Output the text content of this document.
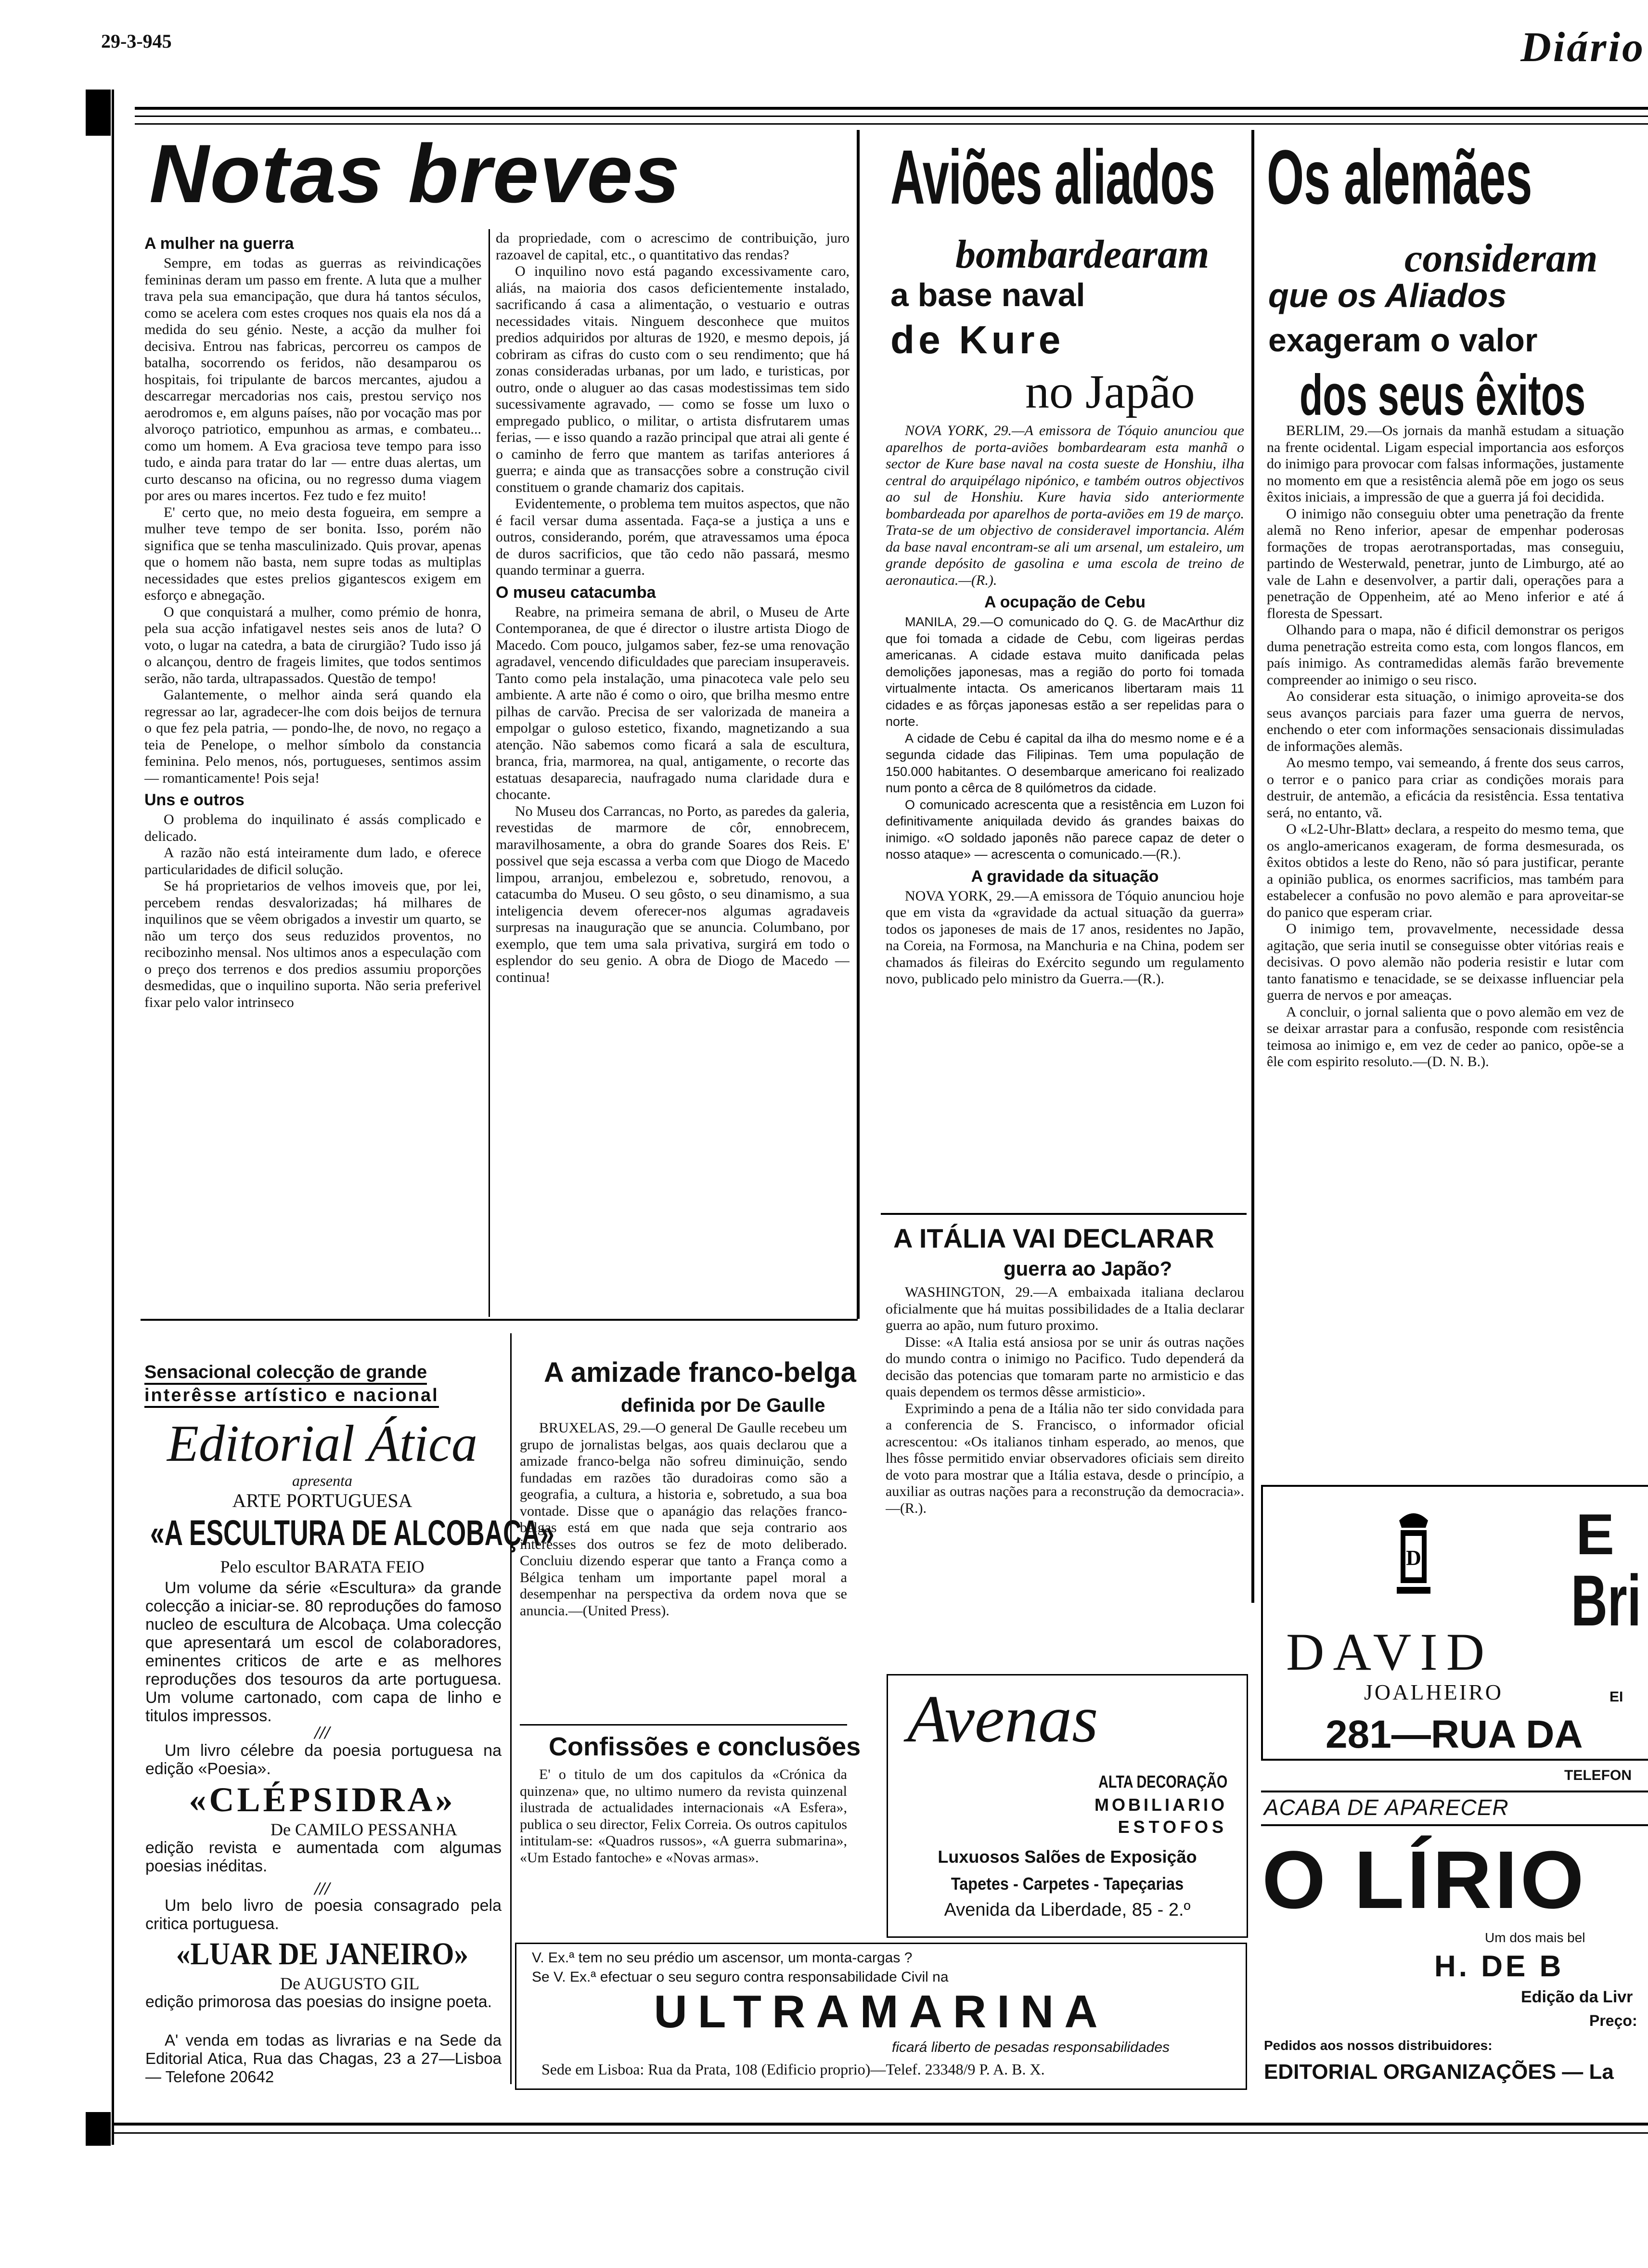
29-3-945	Diário
Notas breves
A mulher na guerra

Sempre, em todas as guerras as reivindicações femininas deram um passo em frente. A luta que a mulher trava pela sua emancipação, que dura há tantos séculos, como se acelera com estes croques nos quais ela nos dá a medida do seu génio. Neste, a acção da mulher foi decisiva. Entrou nas fabricas, percorreu os campos de batalha, socorrendo os feridos, não desamparou os hospitais, foi tripulante de barcos mercantes, ajudou a descarregar mercadorias nos cais, prestou serviço nos aerodromos e, em alguns países, não por vocação mas por alvoroço patriotico, empunhou as armas, e combateu... como um homem. A Eva graciosa teve tempo para isso tudo, e ainda para tratar do lar — entre duas alertas, um curto descanso na oficina, ou no regresso duma viagem por ares ou mares incertos. Fez tudo e fez muito!

E' certo que, no meio desta fogueira, em sempre a mulher teve tempo de ser bonita. Isso, porém não significa que se tenha masculinizado. Quis provar, apenas que o homem não basta, nem supre todas as multiplas necessidades que estes prelios gigantescos exigem em esforço e abnegação.

O que conquistará a mulher, como prémio de honra, pela sua acção infatigavel nestes seis anos de luta? O voto, o lugar na catedra, a bata de cirurgião? Tudo isso já o alcançou, dentro de frageis limites, que todos sentimos serão, não tarda, ultrapassados. Questão de tempo!

Galantemente, o melhor ainda será quando ela regressar ao lar, agradecer-lhe com dois beijos de ternura o que fez pela patria, — pondo-lhe, de novo, no regaço a teia de Penelope, o melhor símbolo da constancia feminina. Pelo menos, nós, portugueses, sentimos assim — romanticamente! Pois seja!

Uns e outros

O problema do inquilinato é assás complicado e delicado.

A razão não está inteiramente dum lado, e oferece particularidades de dificil solução.

Se há proprietarios de velhos imoveis que, por lei, percebem rendas desvalorizadas; há milhares de inquilinos que se vêem obrigados a investir um quarto, se não um terço dos seus reduzidos proventos, no recibozinho mensal. Nos ultimos anos a especulação com o preço dos terrenos e dos predios assumiu proporções desmedidas, que o inquilino suporta. Não seria preferivel fixar pelo valor intrinseco

da propriedade, com o acrescimo de contribuição, juro razoavel de capital, etc., o quantitativo das rendas?

O inquilino novo está pagando excessivamente caro, aliás, na maioria dos casos deficientemente instalado, sacrificando á casa a alimentação, o vestuario e outras necessidades vitais. Ninguem desconhece que muitos predios adquiridos por alturas de 1920, e mesmo depois, já cobriram as cifras do custo com o seu rendimento; que há zonas consideradas urbanas, por um lado, e turisticas, por outro, onde o aluguer ao das casas modestissimas tem sido sucessivamente agravado, — como se fosse um luxo o empregado publico, o militar, o artista disfrutarem umas ferias, — e isso quando a razão principal que atrai ali gente é o caminho de ferro que mantem as tarifas anteriores á guerra; e ainda que as transacções sobre a construção civil constituem o grande chamariz dos capitais.

Evidentemente, o problema tem muitos aspectos, que não é facil versar duma assentada. Faça-se a justiça a uns e outros, considerando, porém, que atravessamos uma época de duros sacrificios, que tão cedo não passará, mesmo quando terminar a guerra.

O museu catacumba

Reabre, na primeira semana de abril, o Museu de Arte Contemporanea, de que é director o ilustre artista Diogo de Macedo. Com pouco, julgamos saber, fez-se uma renovação agradavel, vencendo dificuldades que pareciam insuperaveis. Tanto como pela instalação, uma pinacoteca vale pelo seu ambiente. A arte não é como o oiro, que brilha mesmo entre pilhas de carvão. Precisa de ser valorizada de maneira a empolgar o guloso estetico, fixando, magnetizando a sua atenção. Não sabemos como ficará a sala de escultura, branca, fria, marmorea, na qual, antigamente, o recorte das estatuas desaparecia, naufragado numa claridade dura e chocante.

No Museu dos Carrancas, no Porto, as paredes da galeria, revestidas de marmore de côr, ennobrecem, maravilhosamente, a obra do grande Soares dos Reis. E' possivel que seja escassa a verba com que Diogo de Macedo limpou, arranjou, embelezou e, sobretudo, renovou, a catacumba do Museu. O seu gôsto, o seu dinamismo, a sua inteligencia devem oferecer-nos algumas agradaveis surpresas na inauguração que se anuncia. Columbano, por exemplo, que tem uma sala privativa, surgirá em todo o esplendor do seu genio. A obra de Diogo de Macedo — continua!

Aviões aliados
bombardearam
a base naval
de Kure
no Japão

NOVA YORK, 29.—A emissora de Tóquio anunciou que aparelhos de porta-aviões bombardearam esta manhã o sector de Kure base naval na costa sueste de Honshiu, ilha central do arquipélago nipónico, e também outros objectivos ao sul de Honshiu. Kure havia sido anteriormente bombardeada por aparelhos de porta-aviões em 19 de março. Trata-se de um objectivo de consideravel importancia. Além da base naval encontram-se ali um arsenal, um estaleiro, um grande depósito de gasolina e uma escola de treino de aeronautica.—(R.).

A ocupação de Cebu

MANILA, 29.—O comunicado do Q. G. de MacArthur diz que foi tomada a cidade de Cebu, com ligeiras perdas americanas. A cidade estava muito danificada pelas demolições japonesas, mas a região do porto foi tomada virtualmente intacta. Os americanos libertaram mais 11 cidades e as fôrças japonesas estão a ser repelidas para o norte.

A cidade de Cebu é capital da ilha do mesmo nome e é a segunda cidade das Filipinas. Tem uma população de 150.000 habitantes. O desembarque americano foi realizado num ponto a cêrca de 8 quilómetros da cidade.

O comunicado acrescenta que a resistência em Luzon foi definitivamente aniquilada devido ás grandes baixas do inimigo. «O soldado japonês não parece capaz de deter o nosso ataque» — acrescenta o comunicado.—(R.).

A gravidade da situação

NOVA YORK, 29.—A emissora de Tóquio anunciou hoje que em vista da «gravidade da actual situação da guerra» todos os japoneses de mais de 17 anos, residentes no Japão, na Coreia, na Formosa, na Manchuria e na China, podem ser chamados ás fileiras do Exército segundo um regulamento novo, publicado pelo ministro da Guerra.—(R.).

A ITÁLIA VAI DECLARAR
guerra ao Japão?

WASHINGTON, 29.—A embaixada italiana declarou oficialmente que há muitas possibilidades de a Italia declarar guerra ao apão, num futuro proximo.

Disse: «A Italia está ansiosa por se unir ás outras nações do mundo contra o inimigo no Pacifico. Tudo dependerá da decisão das potencias que tomaram parte no armisticio e das quais dependem os termos dêsse armisticio».

Exprimindo a pena de a Itália não ter sido convidada para a conferencia de S. Francisco, o informador oficial acrescentou: «Os italianos tinham esperado, ao menos, que lhes fôsse permitido enviar observadores oficiais sem direito de voto para mostrar que a Itália estava, desde o princípio, a auxiliar as outras nações para a reconstrução da democracia».—(R.).

Os alemães
consideram
que os Aliados
exageram o valor
dos seus êxitos

BERLIM, 29.—Os jornais da manhã estudam a situação na frente ocidental. Ligam especial importancia aos esforços do inimigo para provocar com falsas informações, justamente no momento em que a resistência alemã põe em jogo os seus êxitos iniciais, a impressão de que a guerra já foi decidida.

O inimigo não conseguiu obter uma penetração da frente alemã no Reno inferior, apesar de empenhar poderosas formações de tropas aerotransportadas, mas conseguiu, partindo de Westerwald, penetrar, junto de Limburgo, até ao vale de Lahn e desenvolver, a partir dali, operações para a penetração de Oppenheim, até ao Meno inferior e até á floresta de Spessart.

Olhando para o mapa, não é dificil demonstrar os perigos duma penetração estreita como esta, com longos flancos, em país inimigo. As contramedidas alemãs farão brevemente compreender ao inimigo o seu risco.

Ao considerar esta situação, o inimigo aproveita-se dos seus avanços parciais para fazer uma guerra de nervos, enchendo o eter com informações sensacionais dissimuladas de informações alemãs.

Ao mesmo tempo, vai semeando, á frente dos seus carros, o terror e o panico para criar as condições morais para destruir, de antemão, a eficácia da resistência. Essa tentativa será, no entanto, vã.

O «L2-Uhr-Blatt» declara, a respeito do mesmo tema, que os anglo-americanos exageram, de forma desmesurada, os êxitos obtidos a leste do Reno, não só para justificar, perante a opinião publica, os enormes sacrificios, mas também para estabelecer a confusão no povo alemão e para aproveitar-se do panico que esperam criar.

O inimigo tem, provavelmente, necessidade dessa agitação, que seria inutil se conseguisse obter vitórias reais e decisivas. O povo alemão não poderia resistir e lutar com tanto fanatismo e tenacidade, se se deixasse influenciar pela guerra de nervos e por ameaças.

A concluir, o jornal salienta que o povo alemão em vez de se deixar arrastar para a confusão, responde com resistência teimosa ao inimigo e, em vez de ceder ao panico, opõe-se a êle com espirito resoluto.—(D. N. B.).

A amizade franco-belga
definida por De Gaulle

BRUXELAS, 29.—O general De Gaulle recebeu um grupo de jornalistas belgas, aos quais declarou que a amizade franco-belga não sofreu diminuição, sendo fundadas em razões tão duradoiras como são a geografia, a cultura, a historia e, sobretudo, a sua boa vontade. Disse que o apanágio das relações franco-belgas está em que nada que seja contrario aos interesses dos outros se fez de moto deliberado. Concluiu dizendo esperar que tanto a França como a Bélgica tenham um importante papel moral a desempenhar na perspectiva da ordem nova que se anuncia.—(United Press).

Confissões e conclusões

E' o titulo de um dos capitulos da «Crónica da quinzena» que, no ultimo numero da revista quinzenal ilustrada de actualidades internacionais «A Esfera», publica o seu director, Felix Correia. Os outros capitulos intitulam-se: «Quadros russos», «A guerra submarina», «Um Estado fantoche» e «Novas armas».

Sensacional colecção de grande
interêsse artístico e nacional
Editorial Ática
apresenta
ARTE PORTUGUESA
«A ESCULTURA DE ALCOBAÇA»
Pelo escultor BARATA FEIO
Um volume da série «Escultura» da grande colecção a iniciar-se. 80 reproduções do famoso nucleo de escultura de Alcobaça. Uma colecção que apresentará um escol de colaboradores, eminentes criticos de arte e as melhores reproduções dos tesouros da arte portuguesa. Um volume cartonado, com capa de linho e titulos impressos.
///
Um livro célebre da poesia portuguesa na edição «Poesia».
«CLÉPSIDRA»
De CAMILO PESSANHA
edição revista e aumentada com algumas poesias inéditas.
///
Um belo livro de poesia consagrado pela critica portuguesa.
«LUAR DE JANEIRO»
De AUGUSTO GIL
edição primorosa das poesias do insigne poeta.
A' venda em todas as livrarias e na Sede da Editorial Atica, Rua das Chagas, 23 a 27—Lisboa — Telefone 20642
Avenas
ALTA DECORAÇÃO
MOBILIARIO
ESTOFOS
Luxuosos Salões de Exposição
Tapetes - Carpetes - Tapeçarias
Avenida da Liberdade, 85 - 2.º
V. Ex.ª tem no seu prédio um ascensor, um monta-cargas ?
Se V. Ex.ª efectuar o seu seguro contra responsabilidade Civil na
ULTRAMARINA
ficará liberto de pesadas responsabilidades
Sede em Lisboa: Rua da Prata, 108 (Edificio proprio)—Telef. 23348/9 P. A. B. X.
D
DAVID
JOALHEIRO
281—RUA DA
E
Bri
EI
TELEFON
ACABA DE APARECER
O LÍRIO
Um dos mais bel
H. DE B
Edição da Livr
Preço:
Pedidos aos nossos distribuidores:
EDITORIAL ORGANIZAÇÕES — La
